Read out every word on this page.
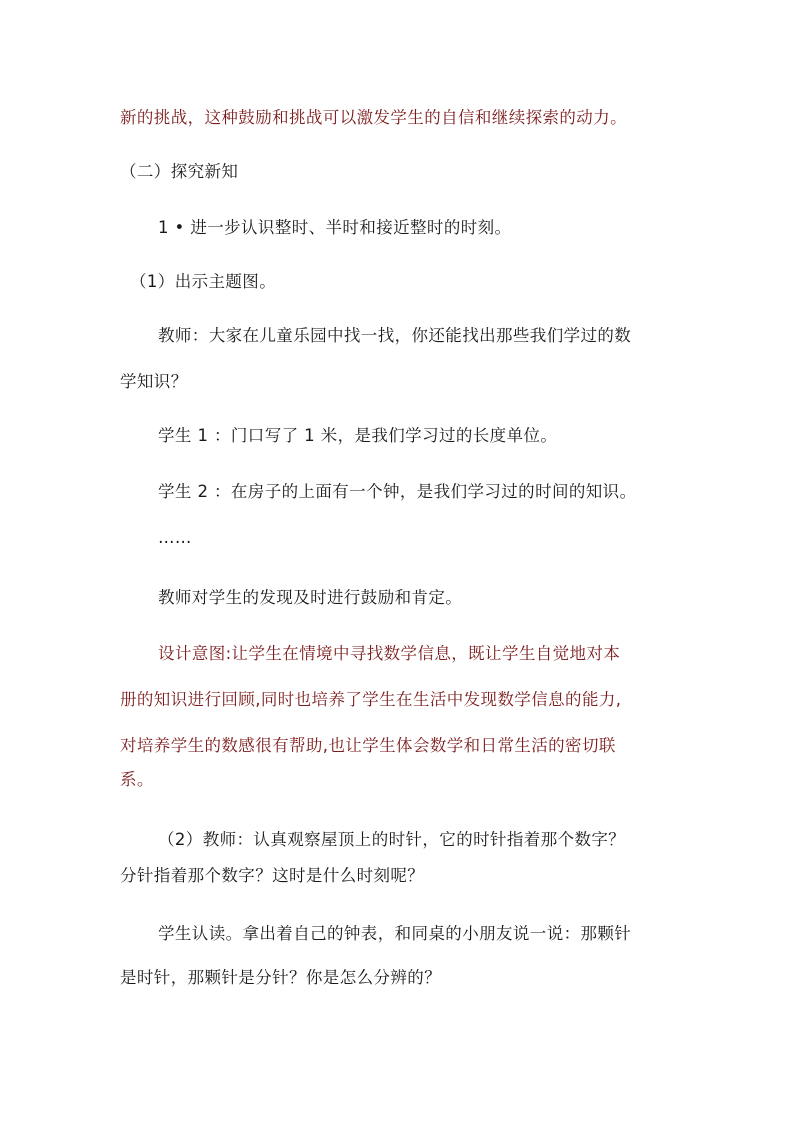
新的挑战，这种鼓励和挑战可以激发学生的自信和继续探索的动力。
（二）探究新知
1 • 进一步认识整时、半时和接近整时的时刻。
（1）出示主题图。
教师：大家在儿童乐园中找一找，你还能找出那些我们学过的数
学知识？
学生 1 ：门口写了 1 米，是我们学习过的长度单位。
学生 2 ：在房子的上面有一个钟，是我们学习过的时间的知识。
……
教师对学生的发现及时进行鼓励和肯定。
设计意图:让学生在情境中寻找数学信息，既让学生自觉地对本
册的知识进行回顾,同时也培养了学生在生活中发现数学信息的能力,
对培养学生的数感很有帮助,也让学生体会数学和日常生活的密切联
系。
（2）教师：认真观察屋顶上的时针，它的时针指着那个数字？
分针指着那个数字？这时是什么时刻呢？
学生认读。拿出着自己的钟表，和同桌的小朋友说一说：那颗针
是时针，那颗针是分针？你是怎么分辨的？
